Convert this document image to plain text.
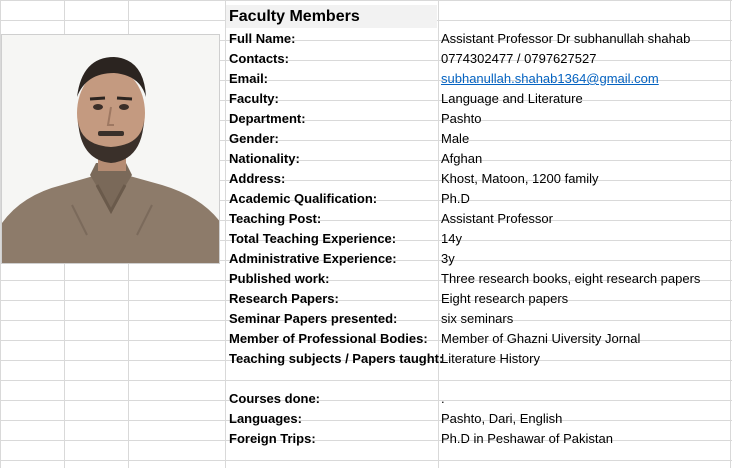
Faculty Members
Full Name:	Assistant Professor Dr subhanullah shahab
Contacts:	0774302477 / 0797627527
Email:	subhanullah.shahab1364@gmail.com
Faculty:	Language and Literature
Department:	Pashto
Gender:	Male
Nationality:	Afghan
Address:	Khost, Matoon, 1200 family
Academic Qualification:	Ph.D
Teaching Post:	Assistant Professor
Total Teaching Experience:	14y
Administrative Experience:	3y
Published work:	Three research books, eight research papers
Research Papers:	Eight research papers
Seminar Papers presented:	six seminars
Member of Professional Bodies: Member of Ghazni Uiversity Jornal
Teaching subjects / Papers taught:
Literature History
Courses done:	.
Languages:	Pashto, Dari, English
Foreign Trips:	Ph.D in Peshawar of Pakistan
